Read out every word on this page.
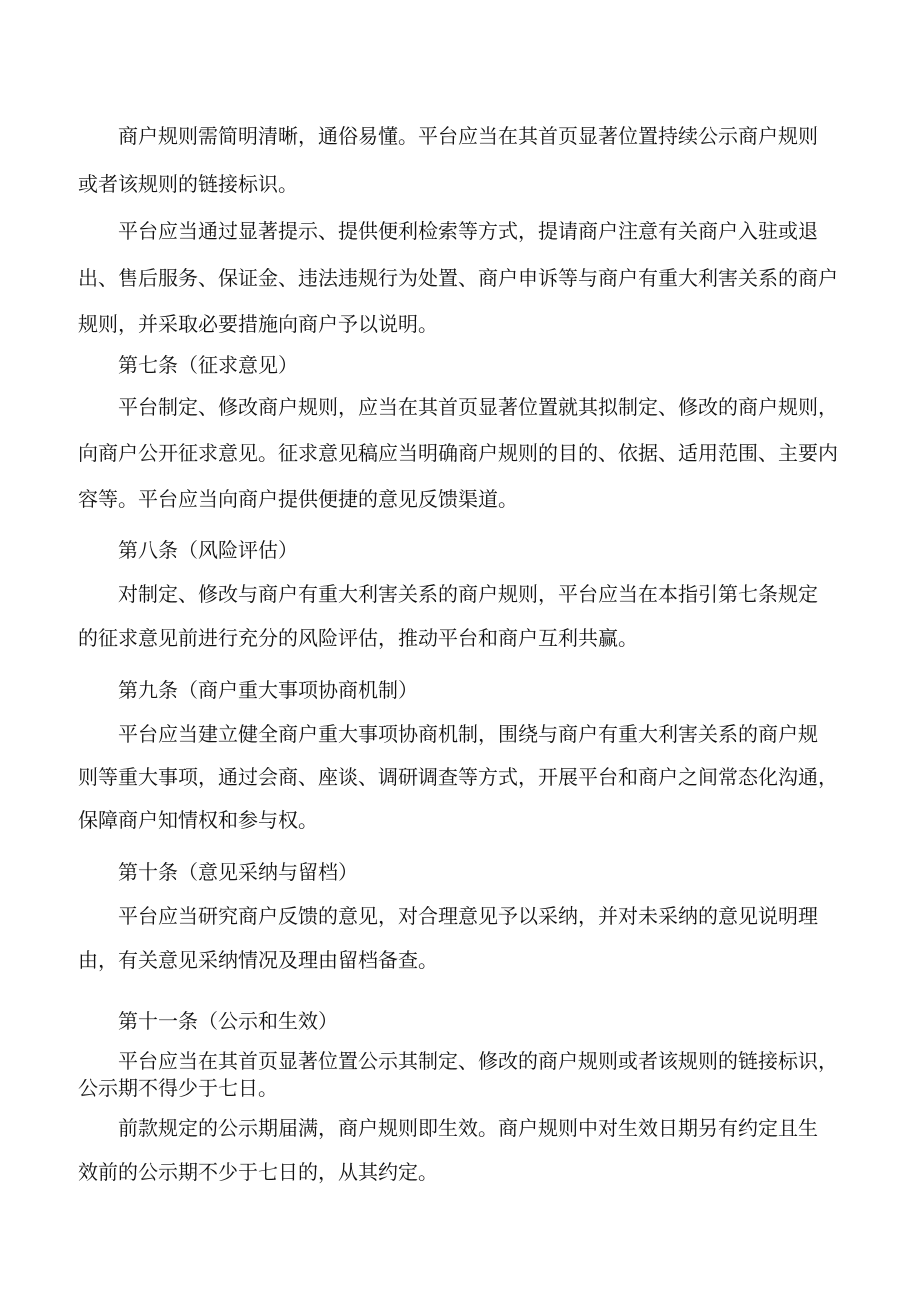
商户规则需简明清晰，通俗易懂。平台应当在其首页显著位置持续公示商户规则
或者该规则的链接标识。
平台应当通过显著提示、提供便利检索等方式，提请商户注意有关商户入驻或退
出、售后服务、保证金、违法违规行为处置、商户申诉等与商户有重大利害关系的商户
规则，并采取必要措施向商户予以说明。
第七条（征求意见）
平台制定、修改商户规则，应当在其首页显著位置就其拟制定、修改的商户规则，
向商户公开征求意见。征求意见稿应当明确商户规则的目的、依据、适用范围、主要内
容等。平台应当向商户提供便捷的意见反馈渠道。
第八条（风险评估）
对制定、修改与商户有重大利害关系的商户规则，平台应当在本指引第七条规定
的征求意见前进行充分的风险评估，推动平台和商户互利共赢。
第九条（商户重大事项协商机制）
平台应当建立健全商户重大事项协商机制，围绕与商户有重大利害关系的商户规
则等重大事项，通过会商、座谈、调研调查等方式，开展平台和商户之间常态化沟通，
保障商户知情权和参与权。
第十条（意见采纳与留档）
平台应当研究商户反馈的意见，对合理意见予以采纳，并对未采纳的意见说明理
由，有关意见采纳情况及理由留档备查。
第十一条（公示和生效）
平台应当在其首页显著位置公示其制定、修改的商户规则或者该规则的链接标识，
公示期不得少于七日。
前款规定的公示期届满，商户规则即生效。商户规则中对生效日期另有约定且生
效前的公示期不少于七日的，从其约定。
